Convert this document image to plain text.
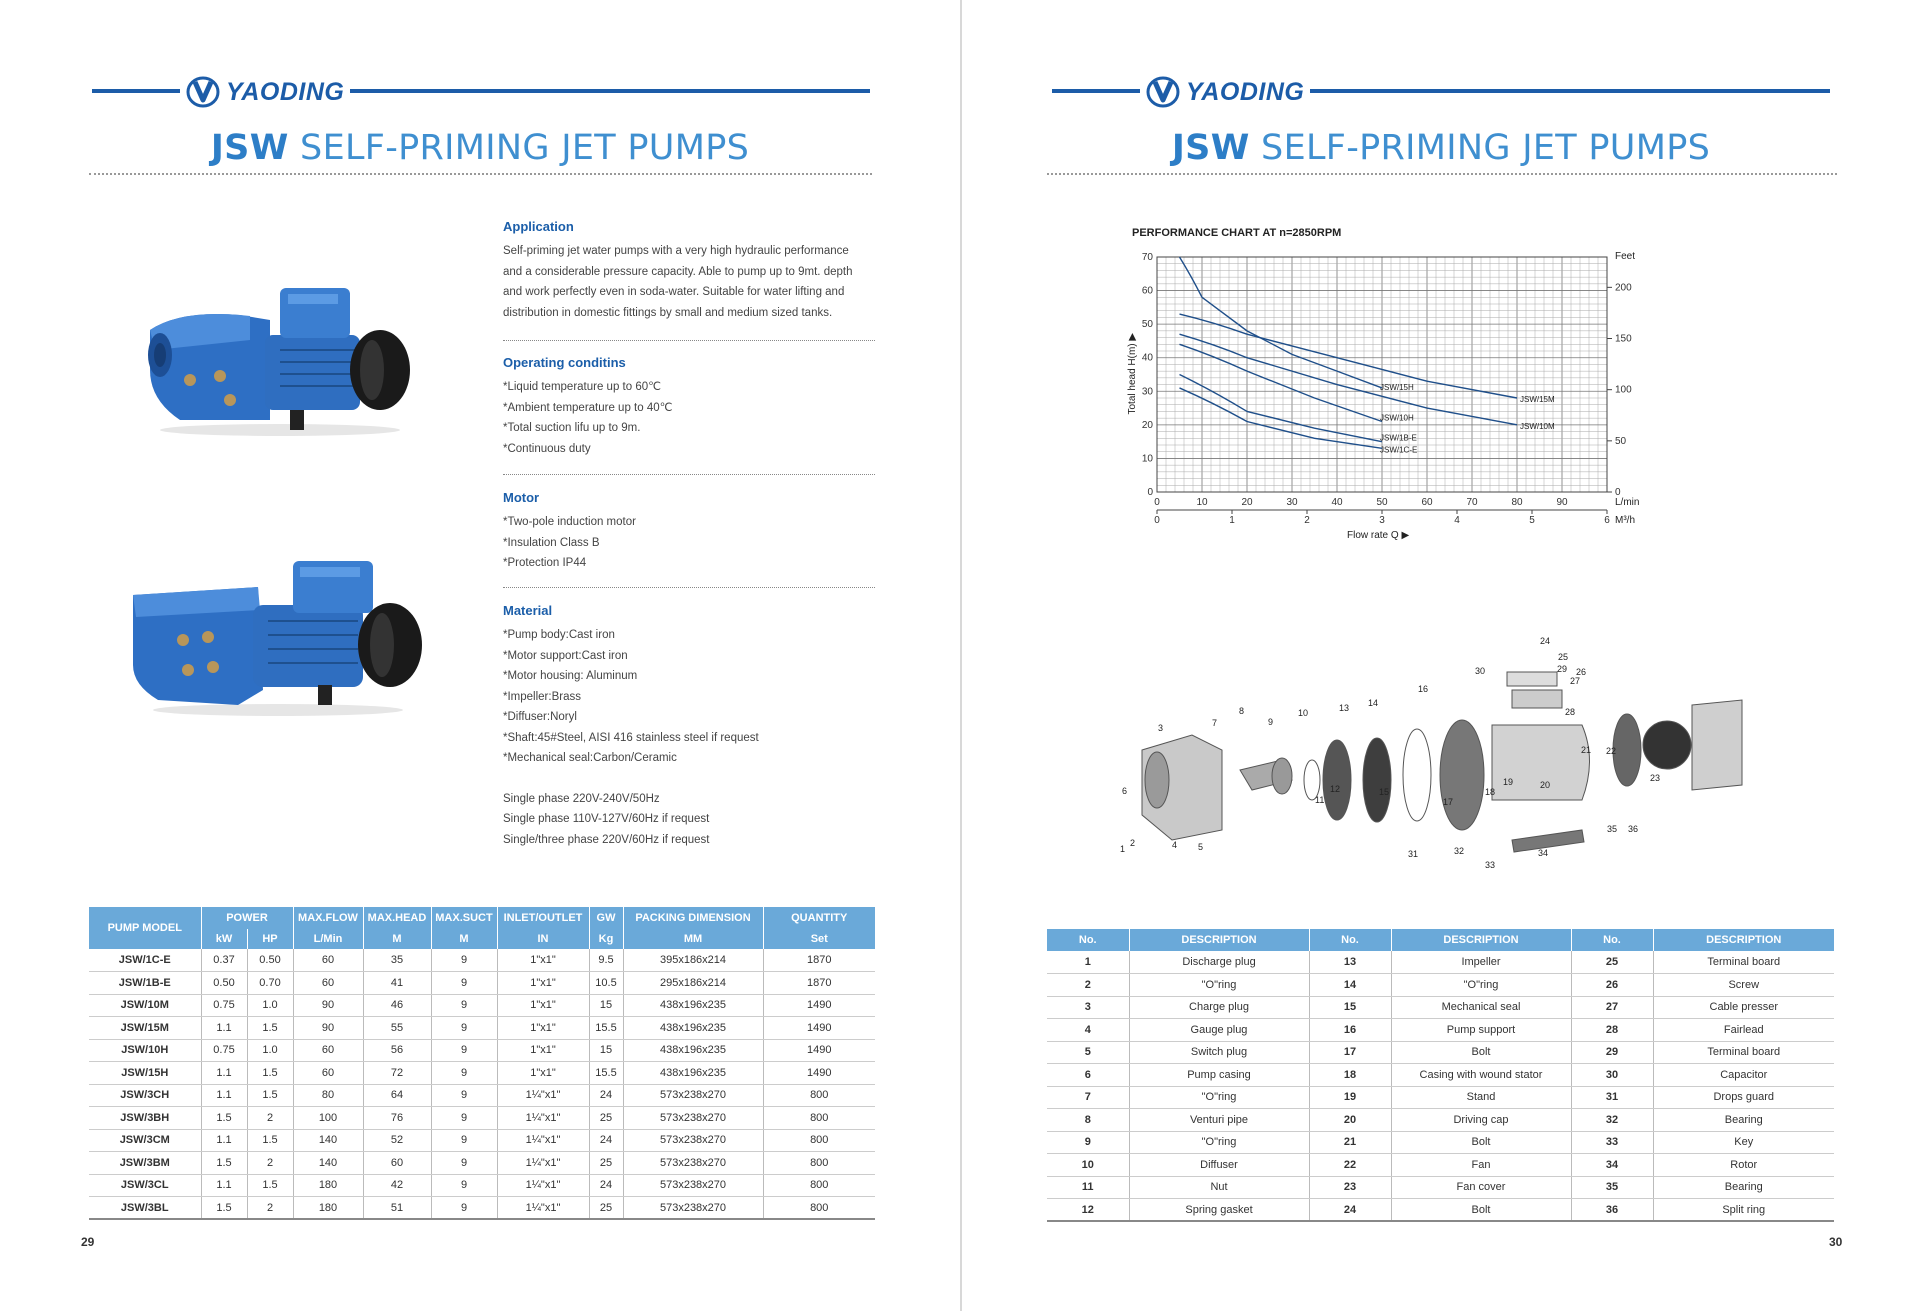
YAODING
JSW SELF-PRIMING JET PUMPS
Application
Self-priming jet water pumps with a very high hydraulic performance
and a considerable pressure capacity. Able to pump up to 9mt. depth
and work perfectly even in soda-water. Suitable for water lifting and
distribution in domestic fittings by small and medium sized tanks.
Operating conditins
*Liquid temperature up to 60℃
*Ambient temperature up to 40℃
*Total suction lifu up to 9m.
*Continuous duty
Motor
*Two-pole induction motor
*Insulation Class B
*Protection IP44
Material
*Pump body:Cast iron
*Motor support:Cast iron
*Motor housing: Aluminum
*Impeller:Brass
*Diffuser:Noryl
*Shaft:45#Steel, AISI 416 stainless steel if request
*Mechanical seal:Carbon/Ceramic
Single phase 220V-240V/50Hz
Single phase 110V-127V/60Hz if request
Single/three phase 220V/60Hz if request
PUMP MODEL	POWER		MAX.FLOW	MAX.HEAD	MAX.SUCT	INLET/OUTLET	GW	PACKING DIMENSION	QUANTITY
	kW	HP	L/Min	M	M	IN	Kg	MM	Set
JSW/1C-E	0.37	0.50	60	35	9	1"x1"	9.5	395x186x214	1870
JSW/1B-E	0.50	0.70	60	41	9	1"x1"	10.5	295x186x214	1870
JSW/10M	0.75	1.0	90	46	9	1"x1"	15	438x196x235	1490
JSW/15M	1.1	1.5	90	55	9	1"x1"	15.5	438x196x235	1490
JSW/10H	0.75	1.0	60	56	9	1"x1"	15	438x196x235	1490
JSW/15H	1.1	1.5	60	72	9	1"x1"	15.5	438x196x235	1490
JSW/3CH	1.1	1.5	80	64	9	1¼"x1"	24	573x238x270	800
JSW/3BH	1.5	2	100	76	9	1¼"x1"	25	573x238x270	800
JSW/3CM	1.1	1.5	140	52	9	1¼"x1"	24	573x238x270	800
JSW/3BM	1.5	2	140	60	9	1¼"x1"	25	573x238x270	800
JSW/3CL	1.1	1.5	180	42	9	1¼"x1"	24	573x238x270	800
JSW/3BL	1.5	2	180	51	9	1¼"x1"	25	573x238x270	800
29
YAODING
JSW SELF-PRIMING JET PUMPS
PERFORMANCE CHART AT n=2850RPM
JSW/15M
JSW/10M
JSW/15H
JSW/10H
JSW/1B-E
JSW/1C-E
0
10
20
30
40
50
60
70
0
50
100
150
200
0	10	20	30	40	50	60	70	80	90
0	1	2	3	4	5	6
Total head H(m) ▶
Flow rate Q ▶
L/min
M³/h
Feet
1
2
3
4 5
6
7
8
9
10
11
12
13 14
15
16
17
18
19	20
21 22
23
24
25
26
27
28
29
30
31	32
33
34
35 36
No.	DESCRIPTION	No.	DESCRIPTION	No.	DESCRIPTION
1	Discharge plug	13	Impeller	25	Terminal board
2	"O"ring	14	"O"ring	26	Screw
3	Charge plug	15	Mechanical seal	27	Cable presser
4	Gauge plug	16	Pump support	28	Fairlead
5	Switch plug	17	Bolt	29	Terminal board
6	Pump casing	18	Casing with wound stator	30	Capacitor
7	"O"ring	19	Stand	31	Drops guard
8	Venturi pipe	20	Driving cap	32	Bearing
9	"O"ring	21	Bolt	33	Key
10	Diffuser	22	Fan	34	Rotor
11	Nut	23	Fan cover	35	Bearing
12	Spring gasket	24	Bolt	36	Split ring
30
